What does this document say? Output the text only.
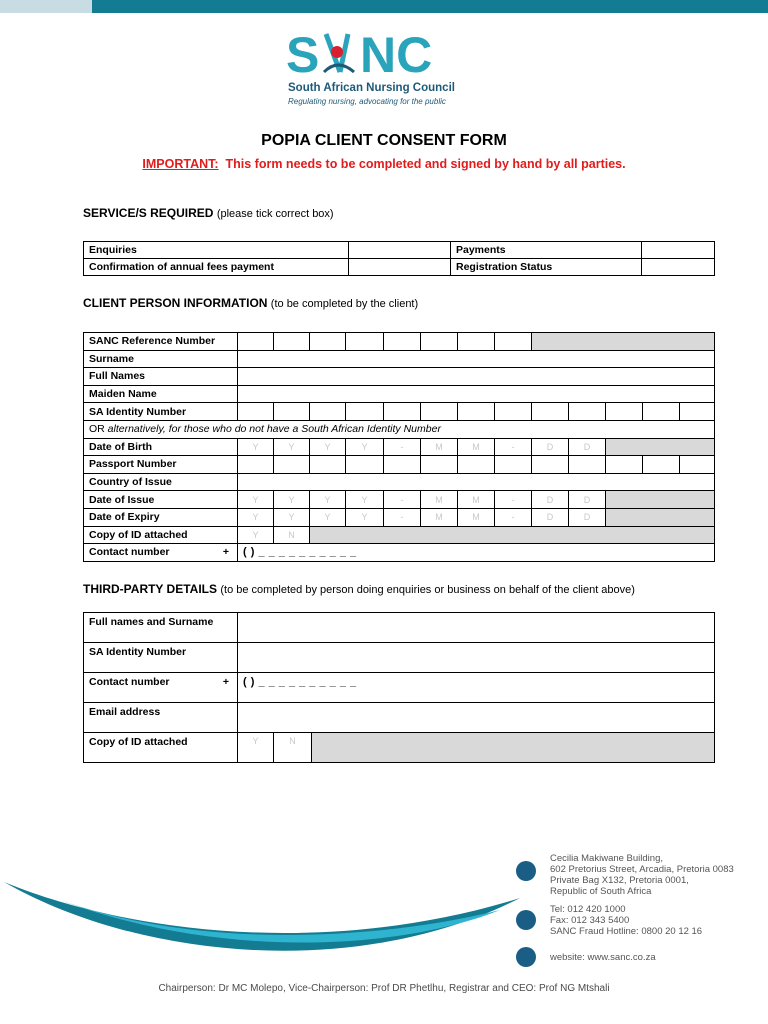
S NC
South African Nursing Council
Regulating nursing, advocating for the public
POPIA CLIENT CONSENT FORM
IMPORTANT: This form needs to be completed and signed by hand by all parties.
SERVICE/S REQUIRED (please tick correct box)
Enquiries		Payments	
Confirmation of annual fees payment		Registration Status	
CLIENT PERSON INFORMATION (to be completed by the client)
SANC Reference Number													
Surname													
Full Names													
Maiden Name													
SA Identity Number													
OR alternatively, for those who do not have a South African Identity Number													
Date of Birth	Y	Y	Y	Y	-	M	M	-	D	D			
Passport Number													
Country of Issue													
Date of Issue	Y	Y	Y	Y	-	M	M	-	D	D			
Date of Expiry	Y	Y	Y	Y	-	M	M	-	D	D			
Copy of ID attached	Y	N											
Contact number +	( ) _ _ _ _ _ _ _ _ _ _												
THIRD-PARTY DETAILS (to be completed by person doing enquiries or business on behalf of the client above)
Full names and Surname			
SA Identity Number			
Contact number +	( ) _ _ _ _ _ _ _ _ _ _		
Email address			
Copy of ID attached	Y	N	
Cecilia Makiwane Building,
602 Pretorius Street, Arcadia, Pretoria 0083
Private Bag X132, Pretoria 0001,
Republic of South Africa
Tel: 012 420 1000
Fax: 012 343 5400
SANC Fraud Hotline: 0800 20 12 16
website: www.sanc.co.za
Chairperson: Dr MC Molepo, Vice-Chairperson: Prof DR Phetlhu, Registrar and CEO: Prof NG Mtshali
